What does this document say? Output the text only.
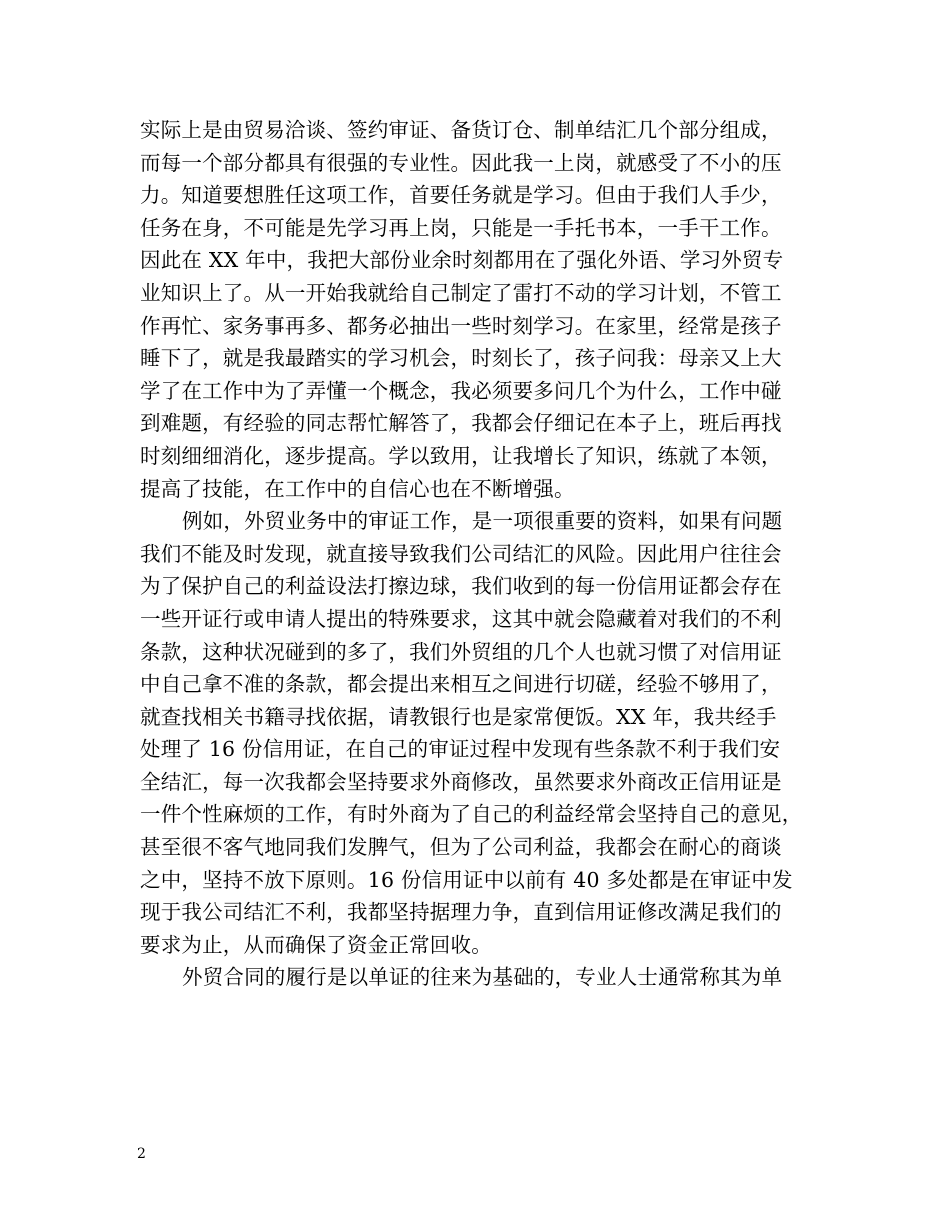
实际上是由贸易洽谈、签约审证、备货订仓、制单结汇几个部分组成，
而每一个部分都具有很强的专业性。因此我一上岗，就感受了不小的压
力。知道要想胜任这项工作，首要任务就是学习。但由于我们人手少，
任务在身，不可能是先学习再上岗，只能是一手托书本，一手干工作。
因此在 XX 年中，我把大部份业余时刻都用在了强化外语、学习外贸专
业知识上了。从一开始我就给自己制定了雷打不动的学习计划，不管工
作再忙、家务事再多、都务必抽出一些时刻学习。在家里，经常是孩子
睡下了，就是我最踏实的学习机会，时刻长了，孩子问我：母亲又上大
学了在工作中为了弄懂一个概念，我必须要多问几个为什么，工作中碰
到难题，有经验的同志帮忙解答了，我都会仔细记在本子上，班后再找
时刻细细消化，逐步提高。学以致用，让我增长了知识，练就了本领，
提高了技能，在工作中的自信心也在不断增强。
例如，外贸业务中的审证工作，是一项很重要的资料，如果有问题
我们不能及时发现，就直接导致我们公司结汇的风险。因此用户往往会
为了保护自己的利益设法打擦边球，我们收到的每一份信用证都会存在
一些开证行或申请人提出的特殊要求，这其中就会隐藏着对我们的不利
条款，这种状况碰到的多了，我们外贸组的几个人也就习惯了对信用证
中自己拿不准的条款，都会提出来相互之间进行切磋，经验不够用了，
就查找相关书籍寻找依据，请教银行也是家常便饭。XX 年，我共经手
处理了 16 份信用证，在自己的审证过程中发现有些条款不利于我们安
全结汇，每一次我都会坚持要求外商修改，虽然要求外商改正信用证是
一件个性麻烦的工作，有时外商为了自己的利益经常会坚持自己的意见，
甚至很不客气地同我们发脾气，但为了公司利益，我都会在耐心的商谈
之中，坚持不放下原则。16 份信用证中以前有 40 多处都是在审证中发
现于我公司结汇不利，我都坚持据理力争，直到信用证修改满足我们的
要求为止，从而确保了资金正常回收。
外贸合同的履行是以单证的往来为基础的，专业人士通常称其为单
2
